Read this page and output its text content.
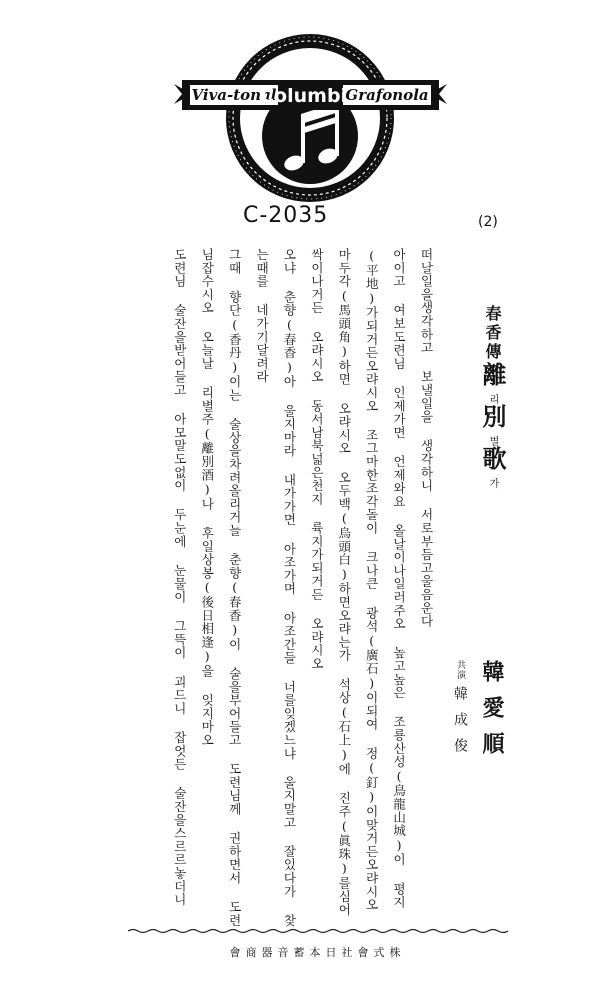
Viva-tonal
Columbia
Grafonola
C-2035	(2)
春香傳離리別별歌가
韓愛順
共演韓成俊

떠날일을생각하고 보낼일을 생각하니 서로부듬고울음운다

아이고 여보도련님 인제가면 언제와요 올날이나일러주오 높고높은 조룡산성(鳥龍山城)이 평지(平地)가되거든오랴시오 조그마한조각돌이 크나큰 광석(廣石)이되여 정(釘)이맞거든오랴시오 마두각(馬頭角)하면 오랴시오 오두백(烏頭白)하면오랴는가 석상(石上)에 진주(眞珠)를심어 싹이나거든 오랴시오 동서남북넓은천지 륙지가되거든 오랴시오

오냐 춘향(春香)아 울지마라 내가가면 아조가며 아조간들 너를잊겠느냐 울지말고 잘있다가 찾는때를 네가기달려라

그때 향단(香丹)이는 술상을차려올리거늘 춘향(春香)이 술을부어들고 도련님께 권하면서 도련님잡수시오 오늘날 리별주(離別酒)나 후일상봉(後日相逢)을 잊지마오

도련님 술잔을받어들고 아모말도없이 두눈에 눈물이 그뜩이 괴드니 잡엇든 술잔을스르르놓더니

株式會社日本蓄音器商會
